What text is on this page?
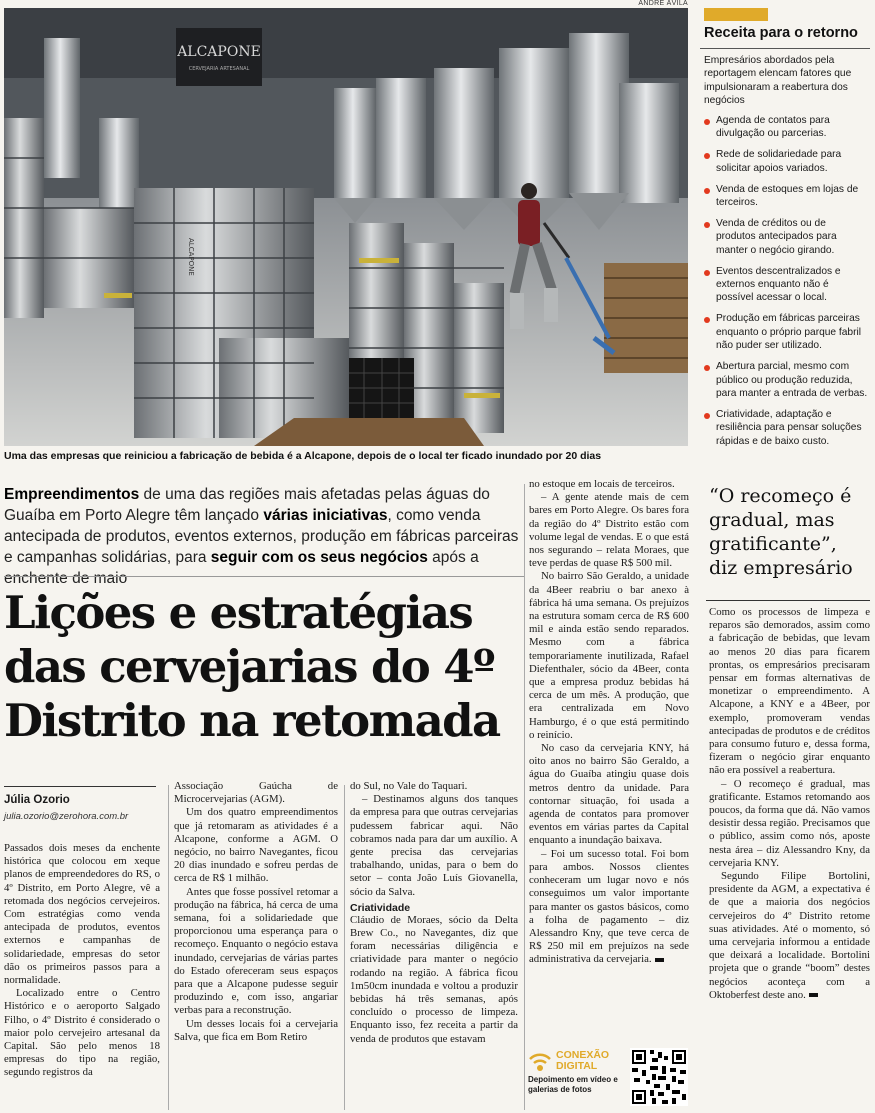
ANDRÉ ÁVILA
ALCAPONE
CERVEJARIA ARTESANAL
ALCAPONE
Uma das empresas que reiniciou a fabricação de bebida é a Alcapone, depois de o local ter ficado inundado por 20 dias
Receita para o retorno
Empresários abordados pela reportagem elencam fatores que impulsionaram a reabertura dos negócios
Agenda de contatos para divulgação ou parcerias.
Rede de solidariedade para solicitar apoios variados.
Venda de estoques em lojas de terceiros.
Venda de créditos ou de produtos antecipados para manter o negócio girando.
Eventos descentralizados e externos enquanto não é possível acessar o local.
Produção em fábricas parceiras enquanto o próprio parque fabril não puder ser utilizado.
Abertura parcial, mesmo com público ou produção reduzida, para manter a entrada de verbas.
Criatividade, adaptação e resiliência para pensar soluções rápidas e de baixo custo.
Empreendimentos de uma das regiões mais afetadas pelas águas do Guaíba em Porto Alegre têm lançado várias iniciativas, como venda antecipada de produtos, eventos externos, produção em fábricas parceiras e campanhas solidárias, para seguir com os seus negócios após a enchente de maio
Lições e estratégias das cervejarias do 4º Distrito na retomada
Júlia Ozorio
julia.ozorio@zerohora.com.br

Passados dois meses da enchente histórica que colocou em xeque planos de empreendedores do RS, o 4º Distrito, em Porto Alegre, vê a retomada dos negócios cervejeiros. Com estratégias como venda antecipada de produtos, eventos externos e campanhas de solidariedade, empresas do setor dão os primeiros passos para a normalidade.

Localizado entre o Centro Histórico e o aeroporto Salgado Filho, o 4º Distrito é considerado o maior polo cervejeiro artesanal da Capital. São pelo menos 18 empresas do tipo na região, segundo registros da

Associação Gaúcha de Microcervejarias (AGM).

Um dos quatro empreendimentos que já retomaram as atividades é a Alcapone, conforme a AGM. O negócio, no bairro Navegantes, ficou 20 dias inundado e sofreu perdas de cerca de R$ 1 milhão.

Antes que fosse possível retomar a produção na fábrica, há cerca de uma semana, foi a solidariedade que proporcionou uma esperança para o recomeço. Enquanto o negócio estava inundado, cervejarias de várias partes do Estado ofereceram seus espaços para que a Alcapone pudesse seguir produzindo e, com isso, angariar verbas para a reconstrução.

Um desses locais foi a cervejaria Salva, que fica em Bom Retiro

do Sul, no Vale do Taquari.

– Destinamos alguns dos tanques da empresa para que outras cervejarias pudessem fabricar aqui. Não cobramos nada para dar um auxílio. A gente precisa das cervejarias trabalhando, unidas, para o bem do setor – conta João Luís Giovanella, sócio da Salva.

Criatividade

Cláudio de Moraes, sócio da Delta Brew Co., no Navegantes, diz que foram necessárias diligência e criatividade para manter o negócio rodando na região. A fábrica ficou 1m50cm inundada e voltou a produzir bebidas há três semanas, após concluído o processo de limpeza. Enquanto isso, fez receita a partir da venda de produtos que estavam

no estoque em locais de terceiros.

– A gente atende mais de cem bares em Porto Alegre. Os bares fora da região do 4º Distrito estão com volume legal de vendas. E o que está nos segurando – relata Moraes, que teve perdas de quase R$ 500 mil.

No bairro São Geraldo, a unidade da 4Beer reabriu o bar anexo à fábrica há uma semana. Os prejuízos na estrutura somam cerca de R$ 600 mil e ainda estão sendo reparados. Mesmo com a fábrica temporariamente inutilizada, Rafael Diefenthaler, sócio da 4Beer, conta que a empresa produz bebidas há cerca de um mês. A produção, que era centralizada em Novo Hamburgo, é o que está permitindo o reinício.

No caso da cervejaria KNY, há oito anos no bairro São Geraldo, a água do Guaíba atingiu quase dois metros dentro da unidade. Para contornar situação, foi usada a agenda de contatos para promover eventos em várias partes da Capital enquanto a inundação baixava.

– Foi um sucesso total. Foi bom para ambos. Nossos clientes conheceram um lugar novo e nós conseguimos um valor importante para manter os gastos básicos, como a folha de pagamento – diz Alessandro Kny, que teve cerca de R$ 250 mil em prejuízos na sede administrativa da cervejaria.

CONEXÃO
DIGITAL
Depoimento em vídeo e galerias de fotos
“O recomeço é gradual, mas gratificante”, diz empresário

Como os processos de limpeza e reparos são demorados, assim como a fabricação de bebidas, que levam ao menos 20 dias para ficarem prontas, os empresários precisaram pensar em formas alternativas de monetizar o empreendimento. A Alcapone, a KNY e a 4Beer, por exemplo, promoveram vendas antecipadas de produtos e de créditos para consumo futuro e, dessa forma, fizeram o negócio girar enquanto não era possível a reabertura.

– O recomeço é gradual, mas gratificante. Estamos retomando aos poucos, da forma que dá. Não vamos desistir dessa região. Precisamos que o público, assim como nós, aposte nesta área – diz Alessandro Kny, da cervejaria KNY.

Segundo Filipe Bortolini, presidente da AGM, a expectativa é de que a maioria dos negócios cervejeiros do 4º Distrito retome suas atividades. Até o momento, só uma cervejaria informou a entidade que deixará a localidade. Bortolini projeta que o grande “boom” destes negócios aconteça com a Oktoberfest deste ano.
